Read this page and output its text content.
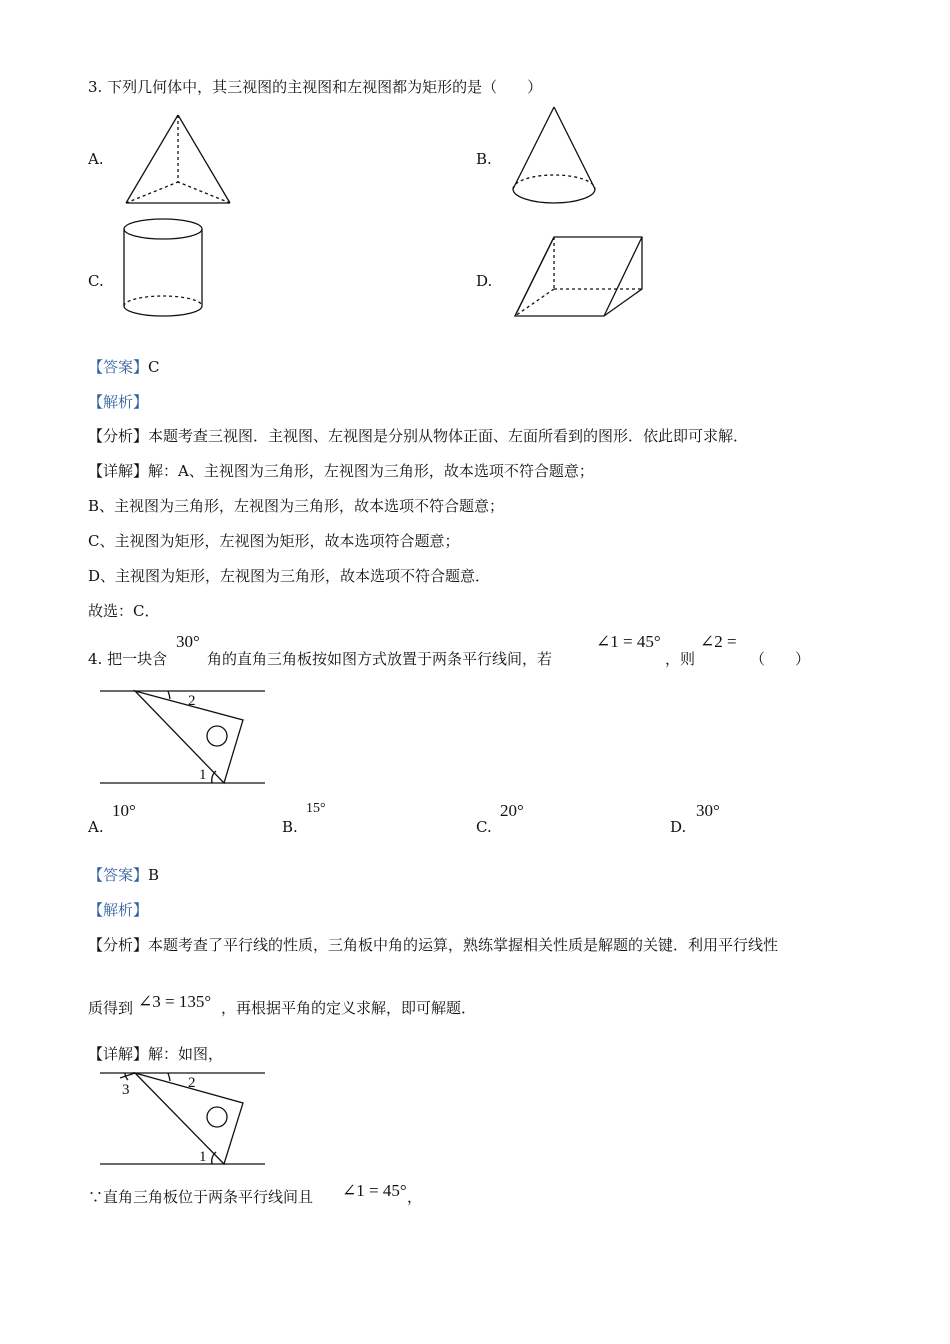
3. 下列几何体中，其三视图的主视图和左视图都为矩形的是（　　）
A.
2
1
2
1
3
B.
C.	D.
【答案】C
【解析】
【分析】本题考查三视图．主视图、左视图是分别从物体正面、左面所看到的图形．依此即可求解．
【详解】解：A、主视图为三角形，左视图为三角形，故本选项不符合题意；
B、主视图为三角形，左视图为三角形，故本选项不符合题意；
C、主视图为矩形，左视图为矩形，故本选项符合题意；
D、主视图为矩形，左视图为三角形，故本选项不符合题意．
故选：C．
4. 把一块含
30°
角的直角三角板按如图方式放置于两条平行线间，若
∠1 = 45°
，则
∠2 =
（　　）
A.
10°
B.
15°
C.
20°
D.
30°
【答案】B
【解析】
【分析】本题考查了平行线的性质，三角板中角的运算，熟练掌握相关性质是解题的关键．利用平行线性
质得到 ∠3 = 135° ，再根据平角的定义求解，即可解题．
【详解】解：如图，
∵直角三角板位于两条平行线间且 ∠1 = 45° ，
